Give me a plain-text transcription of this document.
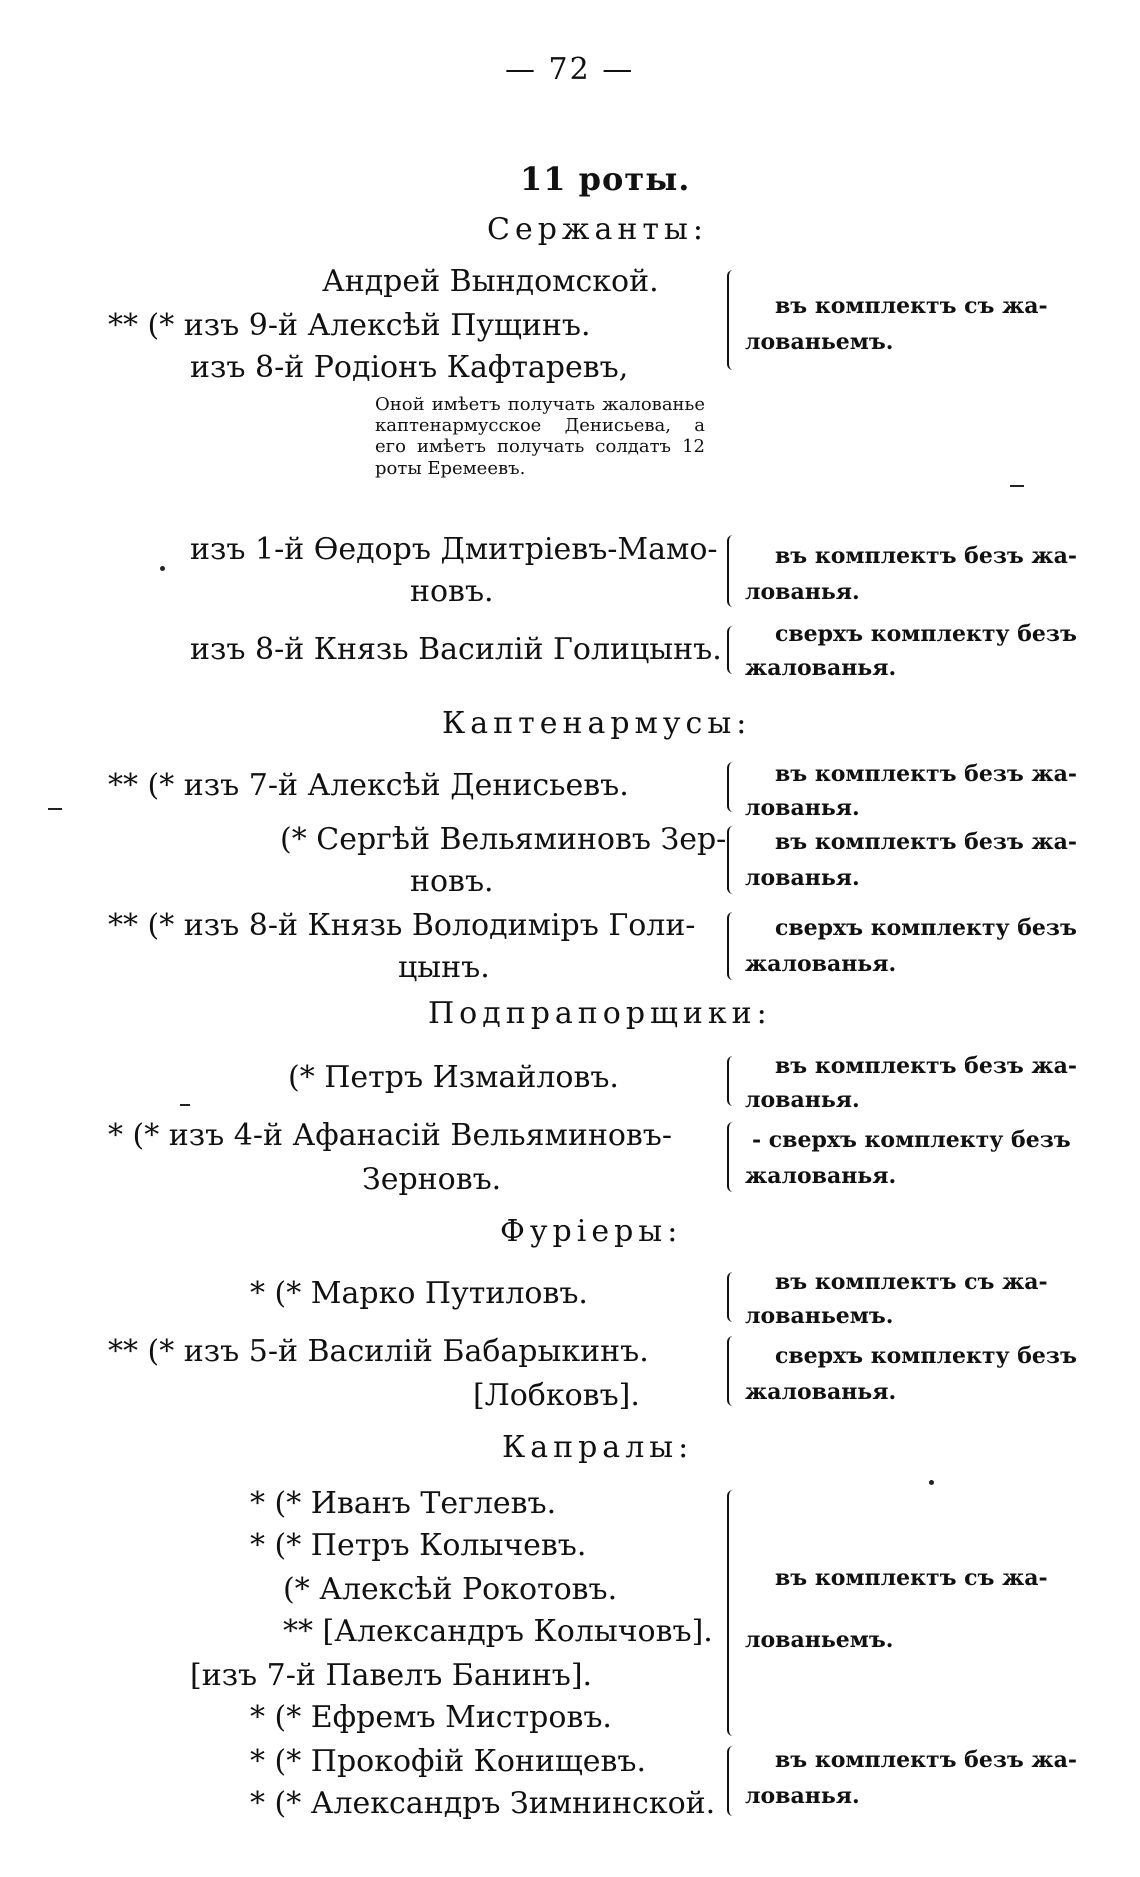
— 72 —
11 роты.
Сержанты:
Андрей Вындомской.
** (* изъ 9-й Алексѣй Пущинъ.
изъ 8-й Родiонъ Кафтаревъ,
Оной имѣетъ получать жалованье каптенармусское Денисьева, а его имѣетъ получать солдатъ 12 роты Еремеевъ.
изъ 1-й Өедоръ Дмитрiевъ-Мамо-
новъ.
изъ 8-й Князь Василiй Голицынъ.
въ комплектъ съ жа-
лованьемъ.
въ комплектъ безъ жа-
лованья.
сверхъ комплекту безъ
жалованья.
Каптенармусы:
** (* изъ 7-й Алексѣй Денисьевъ.
(* Сергѣй Вельяминовъ Зер-
новъ.
** (* изъ 8-й Князь Володимiръ Голи-
цынъ.
въ комплектъ безъ жа-
лованья.
въ комплектъ безъ жа-
лованья.
сверхъ комплекту безъ
жалованья.
Подпрапорщики:
(* Петръ Измайловъ.
* (* изъ 4-й Афанасiй Вельяминовъ-
Зерновъ.
въ комплектъ безъ жа-
лованья.
- сверхъ комплекту безъ
жалованья.
Фурiеры:
* (* Марко Путиловъ.
** (* изъ 5-й Василiй Бабарыкинъ.
[Лобковъ].
въ комплектъ съ жа-
лованьемъ.
сверхъ комплекту безъ
жалованья.
Капралы:
* (* Иванъ Теглевъ.
* (* Петръ Колычевъ.
(* Алексѣй Рокотовъ.
** [Александръ Колычовъ].
[изъ 7-й Павелъ Банинъ].
* (* Ефремъ Мистровъ.
* (* Прокофiй Конищевъ.
* (* Александръ Зимнинской.
въ комплектъ съ жа-
лованьемъ.
въ комплектъ безъ жа-
лованья.
